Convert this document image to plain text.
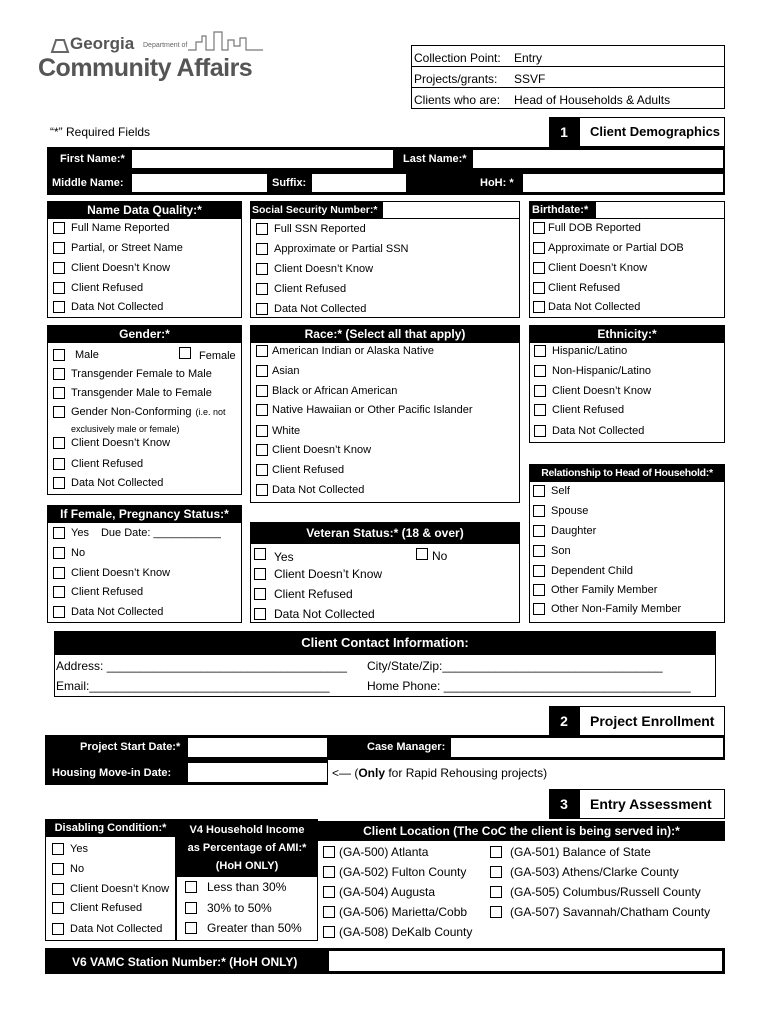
Georgia Department of
Community Affairs	Collection Point: Entry
Projects/grants: SSVF
Clients who are: Head of Households & Adults
“*” Required Fields	1	Client Demographics
First Name:*	Last Name:*
Middle Name:	Suffix:	HoH: *
Name Data Quality:*
Full Name Reported
Partial, or Street Name
Client Doesn’t Know
Client Refused
Data Not Collected
Social Security Number:*
Full SSN Reported
Approximate or Partial SSN
Client Doesn’t Know
Client Refused
Data Not Collected
Birthdate:*
Full DOB Reported
Approximate or Partial DOB
Client Doesn’t Know
Client Refused
Data Not Collected
Gender:*
Male	Female
Transgender Female to Male
Transgender Male to Female
Gender Non-Conforming (i.e. not
exclusively male or female)
Client Doesn’t Know
Client Refused
Data Not Collected
Race:* (Select all that apply)
American Indian or Alaska Native
Asian
Black or African American
Native Hawaiian or Other Pacific Islander
White
Client Doesn’t Know
Client Refused
Data Not Collected
Ethnicity:*
Hispanic/Latino
Non-Hispanic/Latino
Client Doesn’t Know
Client Refused
Data Not Collected
If Female, Pregnancy Status:*
Yes Due Date: ___________
No
Client Doesn’t Know
Client Refused
Data Not Collected
Veteran Status:* (18 & over)
Yes	No
Client Doesn’t Know
Client Refused
Data Not Collected
Relationship to Head of Household:*
Self
Spouse
Daughter
Son
Dependent Child
Other Family Member
Other Non-Family Member
Client Contact Information:
Address: ____________________________________ City/State/Zip:_________________________________
Email:____________________________________	Home Phone: _____________________________________
2	Project Enrollment
Project Start Date:*	Case Manager:
Housing Move-in Date:	<— (Only for Rapid Rehousing projects)
3	Entry Assessment
Disabling Condition:*
Yes
No
Client Doesn’t Know
Client Refused
Data Not Collected
V4 Household Income
as Percentage of AMI:*
(HoH ONLY)
Less than 30%
30% to 50%
Greater than 50%
Client Location (The CoC the client is being served in):*
(GA-500) Atlanta
(GA-502) Fulton County
(GA-504) Augusta
(GA-506) Marietta/Cobb
(GA-508) DeKalb County
(GA-501) Balance of State
(GA-503) Athens/Clarke County
(GA-505) Columbus/Russell County
(GA-507) Savannah/Chatham County
V6 VAMC Station Number:* (HoH ONLY)
